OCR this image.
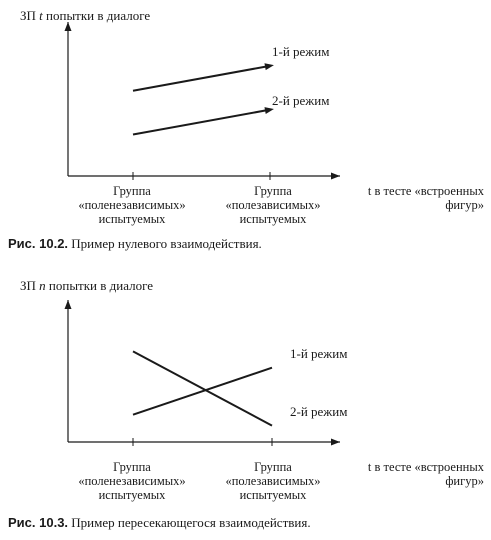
ЗП t попытки в диалоге
1-й режим
2-й режим
Группа
«поленезависимых»
испытуемых
Группа
«полезависимых»
испытуемых
t в тесте «встроенных
фигур»
Рис. 10.2. Пример нулевого взаимодействия.
ЗП n попытки в диалоге
1-й режим
2-й режим
Группа
«поленезависимых»
испытуемых
Группа
«полезависимых»
испытуемых
t в тесте «встроенных
фигур»
Рис. 10.3. Пример пересекающегося взаимодействия.
